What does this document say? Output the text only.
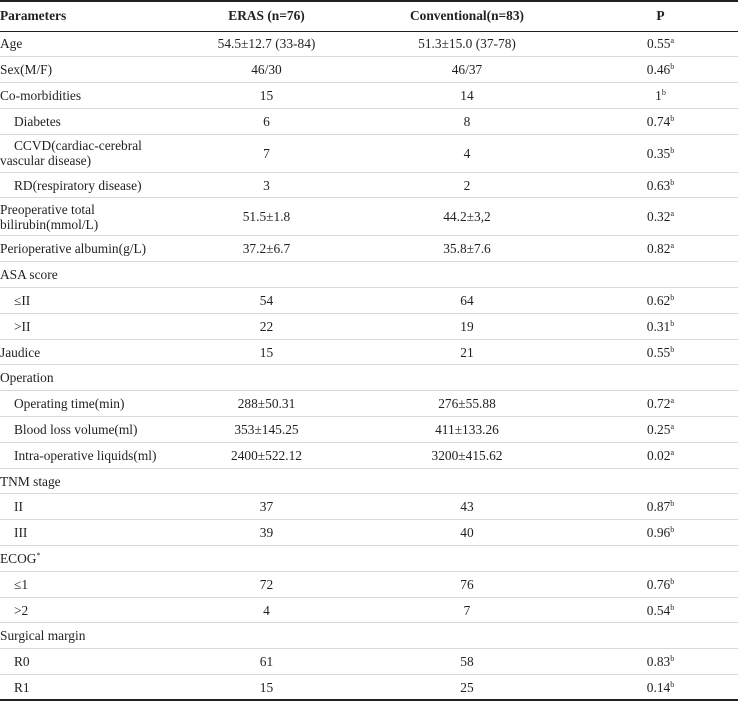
Parameters	ERAS (n=76)	Conventional(n=83)	P
Age	54.5±12.7 (33-84)	51.3±15.0 (37-78)	0.55$^a$
Sex(M/F)	46/30	46/37	0.46$^b$
Co-morbidities	15	14	1$^b$
Diabetes	6	8	0.74$^b$

CCVD(cardiac-cerebral
vascular disease)	7	4	0.35$^b$
RD(respiratory disease)	3	2	0.63$^b$

Preoperative total
bilirubin(mmol/L)	51.5±1.8	44.2±3,2	0.32$^a$
Perioperative albumin(g/L)	37.2±6.7	35.8±7.6	0.82$^a$
ASA score			
≤II	54	64	0.62$^b$
>II	22	19	0.31$^b$
Jaudice	15	21	0.55$^b$
Operation			
Operating time(min)	288±50.31	276±55.88	0.72$^a$
Blood loss volume(ml)	353±145.25	411±133.26	0.25$^a$
Intra-operative liquids(ml)	2400±522.12	3200±415.62	0.02$^a$
TNM stage			
II	37	43	0.87$^b$
III	39	40	0.96$^b$
ECOG*			
≤1	72	76	0.76$^b$
>2	4	7	0.54$^b$
Surgical margin			
R0	61	58	0.83$^b$
R1	15	25	0.14$^b$
